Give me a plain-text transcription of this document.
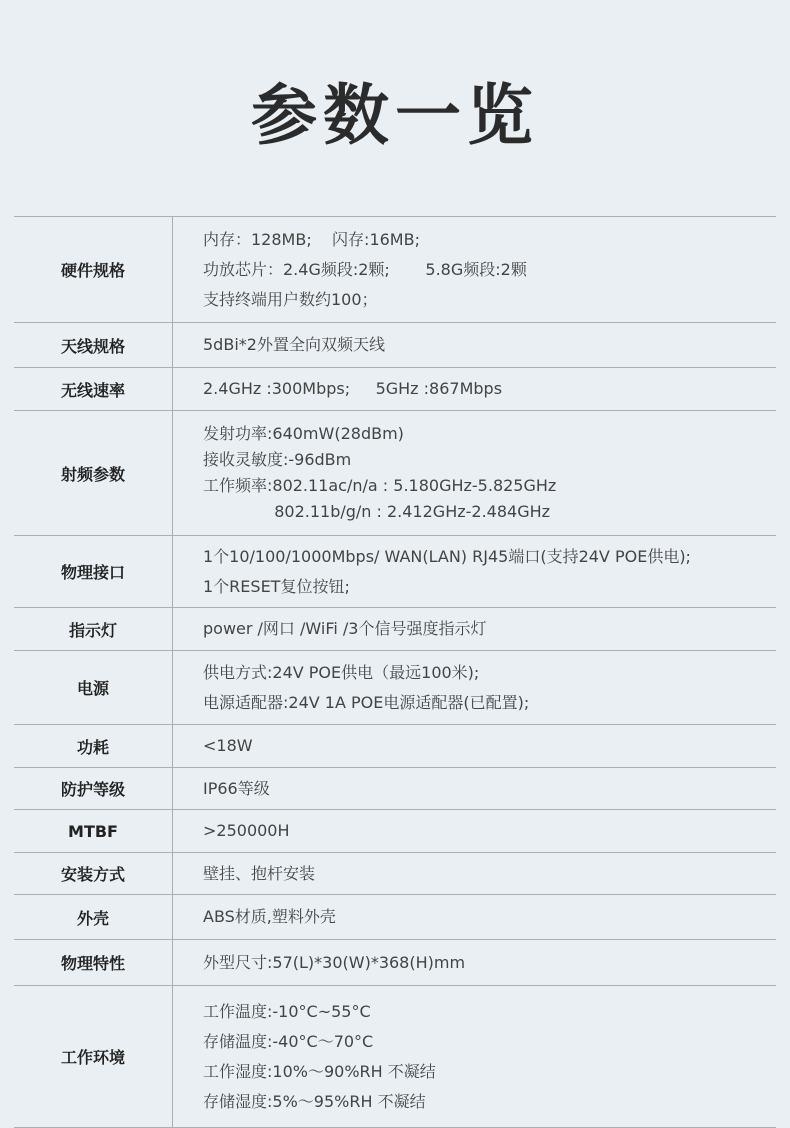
参数一览
硬件规格	内存：128MB;    闪存:16MB;
功放芯片：2.4G频段:2颗;       5.8G频段:2颗
支持终端用户数约100；

天线规格	5dBi*2外置全向双频天线

无线速率	2.4GHz :300Mbps;     5GHz :867Mbps

射频参数	发射功率:640mW(28dBm)
接收灵敏度:-96dBm
工作频率:802.11ac/n/a : 5.180GHz-5.825GHz
802.11b/g/n : 2.412GHz-2.484GHz

物理接口	1个10/100/1000Mbps/ WAN(LAN) RJ45端口(支持24V POE供电);
1个RESET复位按钮;

指示灯	power /网口 /WiFi /3个信号强度指示灯

电源	供电方式:24V POE供电（最远100米);
电源适配器:24V 1A POE电源适配器(已配置);

功耗	<18W

防护等级	IP66等级

MTBF	>250000H

安装方式	壁挂、抱杆安装

外壳	ABS材质,塑料外壳

物理特性	外型尺寸:57(L)*30(W)*368(H)mm

工作环境	工作温度:-10°C~55°C
存储温度:-40°C～70°C
工作湿度:10%～90%RH 不凝结
存储湿度:5%～95%RH 不凝结
